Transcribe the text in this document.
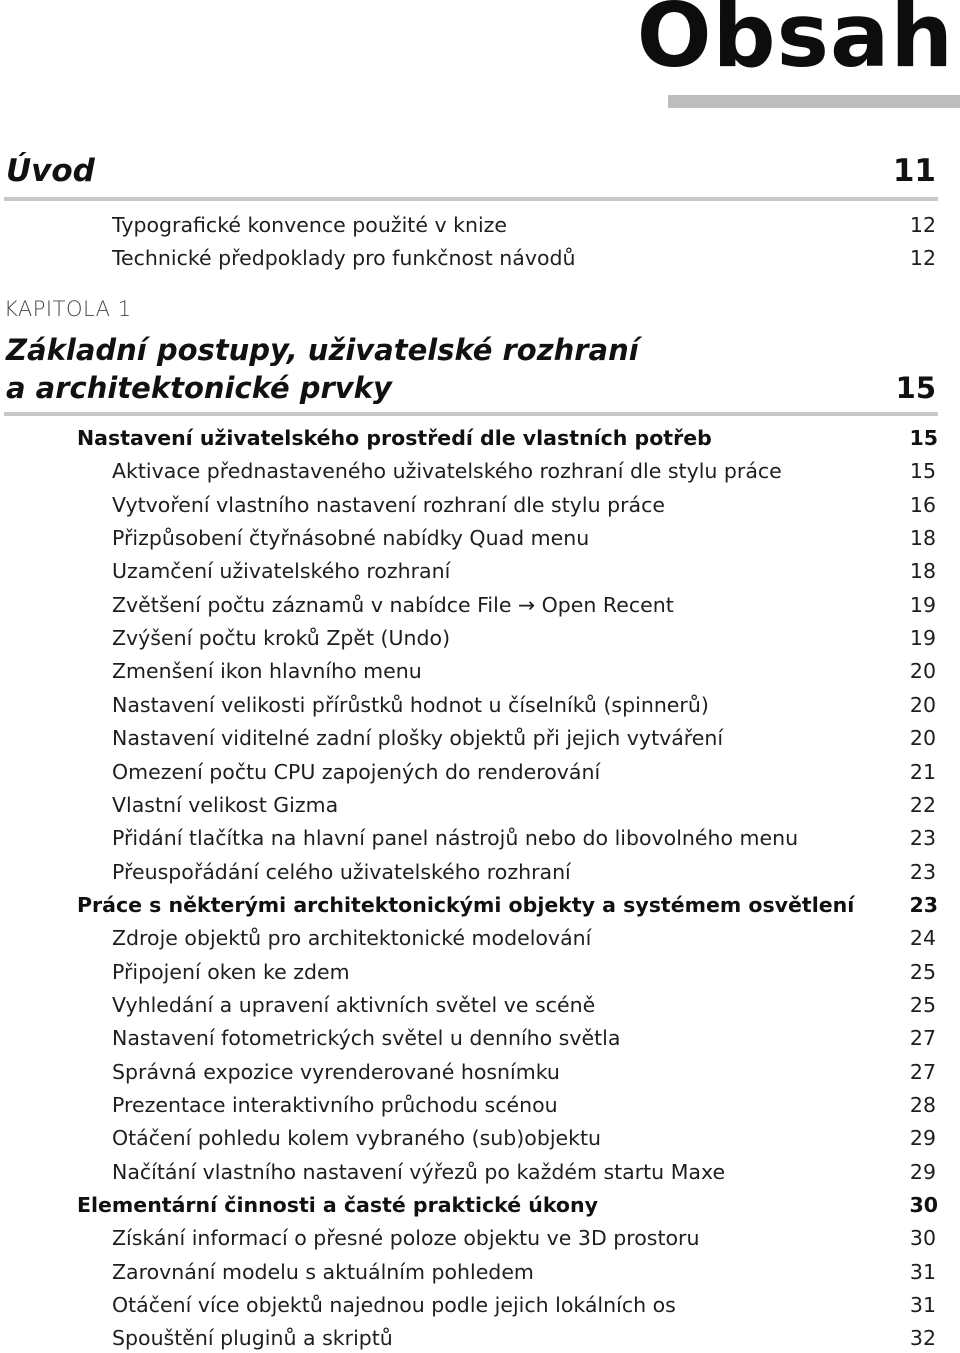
Obsah
Úvod	11
Typografické konvence použité v knize	12
Technické předpoklady pro funkčnost návodů	12
KAPITOLA 1
Základní postupy, uživatelské rozhraní
a architektonické prvky	15
Nastavení uživatelského prostředí dle vlastních potřeb	15
Aktivace přednastaveného uživatelského rozhraní dle stylu práce	15
Vytvoření vlastního nastavení rozhraní dle stylu práce	16
Přizpůsobení čtyřnásobné nabídky Quad menu	18
Uzamčení uživatelského rozhraní	18
Zvětšení počtu záznamů v nabídce File → Open Recent	19
Zvýšení počtu kroků Zpět (Undo)	19
Zmenšení ikon hlavního menu	20
Nastavení velikosti přírůstků hodnot u číselníků (spinnerů)	20
Nastavení viditelné zadní plošky objektů při jejich vytváření	20
Omezení počtu CPU zapojených do renderování	21
Vlastní velikost Gizma	22
Přidání tlačítka na hlavní panel nástrojů nebo do libovolného menu	23
Přeuspořádání celého uživatelského rozhraní	23
Práce s některými architektonickými objekty a systémem osvětlení	23
Zdroje objektů pro architektonické modelování	24
Připojení oken ke zdem	25
Vyhledání a upravení aktivních světel ve scéně	25
Nastavení fotometrických světel u denního světla	27
Správná expozice vyrenderované hosnímku	27
Prezentace interaktivního průchodu scénou	28
Otáčení pohledu kolem vybraného (sub)objektu	29
Načítání vlastního nastavení výřezů po každém startu Maxe	29
Elementární činnosti a časté praktické úkony	30
Získání informací o přesné poloze objektu ve 3D prostoru	30
Zarovnání modelu s aktuálním pohledem	31
Otáčení více objektů najednou podle jejich lokálních os	31
Spouštění pluginů a skriptů	32
